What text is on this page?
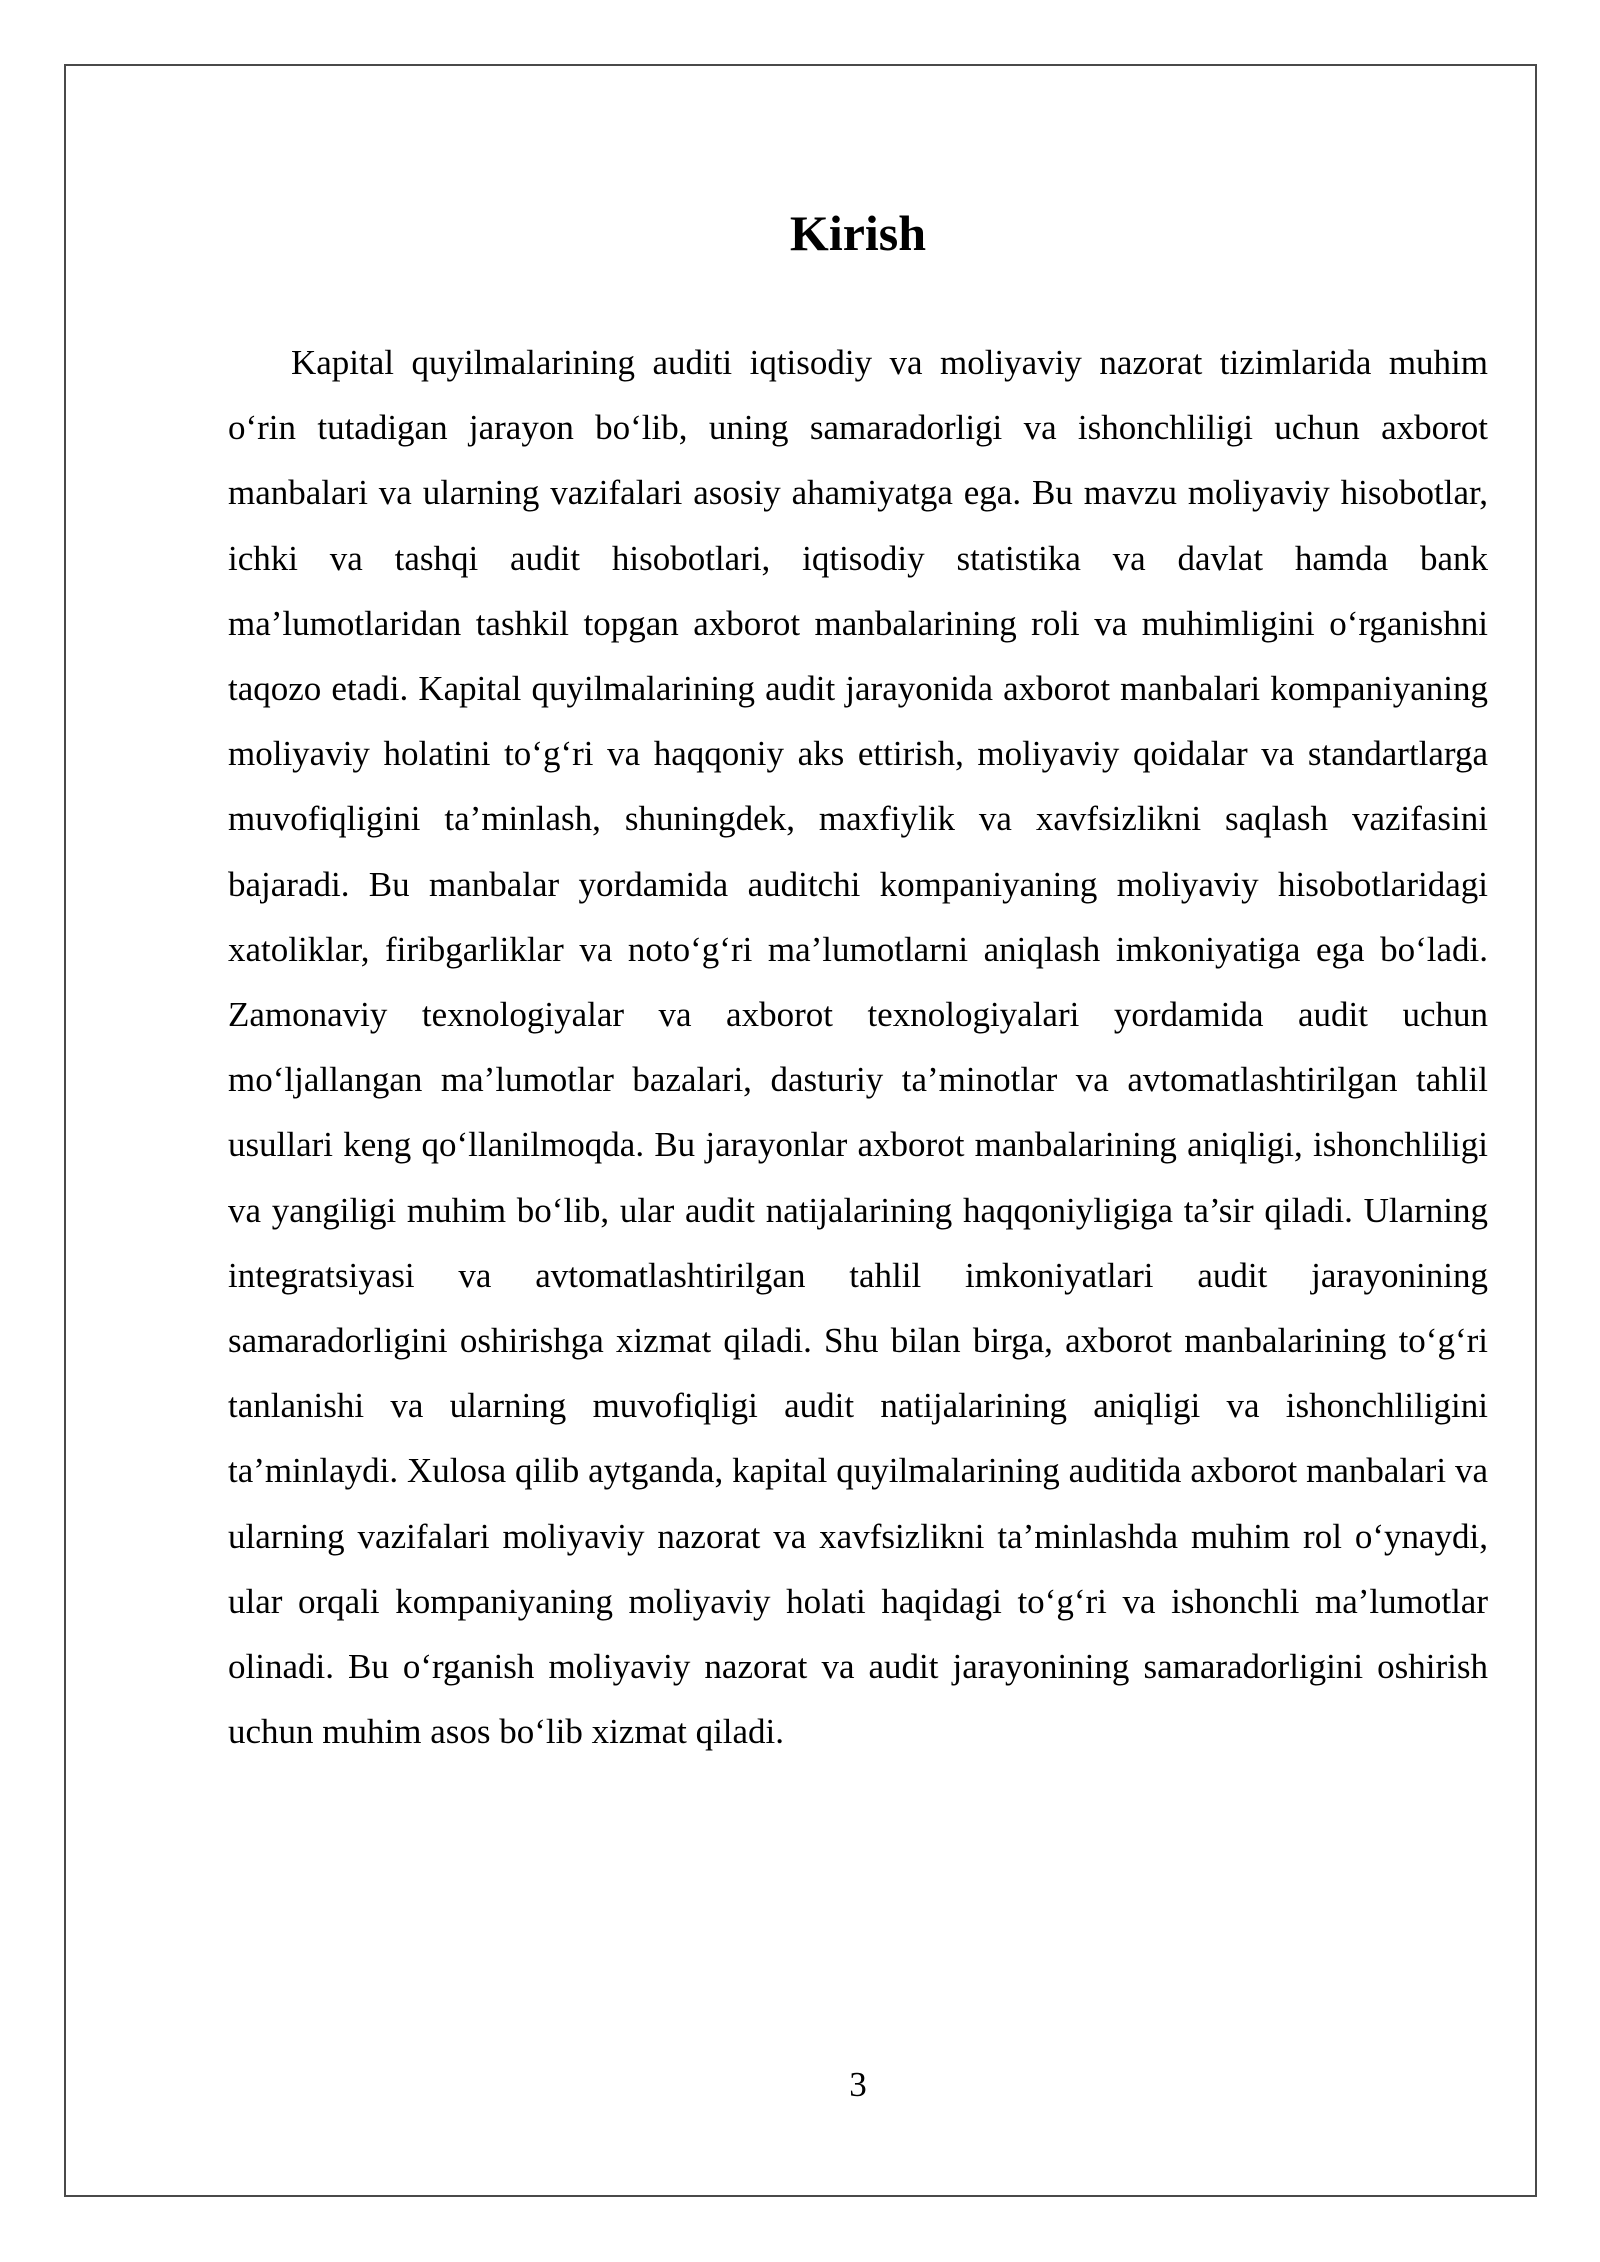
Kirish

Kapital quyilmalarining auditi iqtisodiy va moliyaviy nazorat tizimlarida muhim o‘rin tutadigan jarayon bo‘lib, uning samaradorligi va ishonchliligi uchun axborot manbalari va ularning vazifalari asosiy ahamiyatga ega. Bu mavzu moliyaviy hisobotlar, ichki va tashqi audit hisobotlari, iqtisodiy statistika va davlat hamda bank ma’lumotlaridan tashkil topgan axborot manbalarining roli va muhimligini o‘rganishni taqozo etadi. Kapital quyilmalarining audit jarayonida axborot manbalari kompaniyaning moliyaviy holatini to‘g‘ri va haqqoniy aks ettirish, moliyaviy qoidalar va standartlarga muvofiqligini ta’minlash, shuningdek, maxfiylik va xavfsizlikni saqlash vazifasini bajaradi. Bu manbalar yordamida auditchi kompaniyaning moliyaviy hisobotlaridagi xatoliklar, firibgarliklar va noto‘g‘ri ma’lumotlarni aniqlash imkoniyatiga ega bo‘ladi. Zamonaviy texnologiyalar va axborot texnologiyalari yordamida audit uchun mo‘ljallangan ma’lumotlar bazalari, dasturiy ta’minotlar va avtomatlashtirilgan tahlil usullari keng qo‘llanilmoqda. Bu jarayonlar axborot manbalarining aniqligi, ishonchliligi va yangiligi muhim bo‘lib, ular audit natijalarining haqqoniyligiga ta’sir qiladi. Ularning integratsiyasi va avtomatlashtirilgan tahlil imkoniyatlari audit jarayonining samaradorligini oshirishga xizmat qiladi. Shu bilan birga, axborot manbalarining to‘g‘ri tanlanishi va ularning muvofiqligi audit natijalarining aniqligi va ishonchliligini ta’minlaydi. Xulosa qilib aytganda, kapital quyilmalarining auditida axborot manbalari va ularning vazifalari moliyaviy nazorat va xavfsizlikni ta’minlashda muhim rol o‘ynaydi, ular orqali kompaniyaning moliyaviy holati haqidagi to‘g‘ri va ishonchli ma’lumotlar olinadi. Bu o‘rganish moliyaviy nazorat va audit jarayonining samaradorligini oshirish uchun muhim asos bo‘lib xizmat qiladi.

3
